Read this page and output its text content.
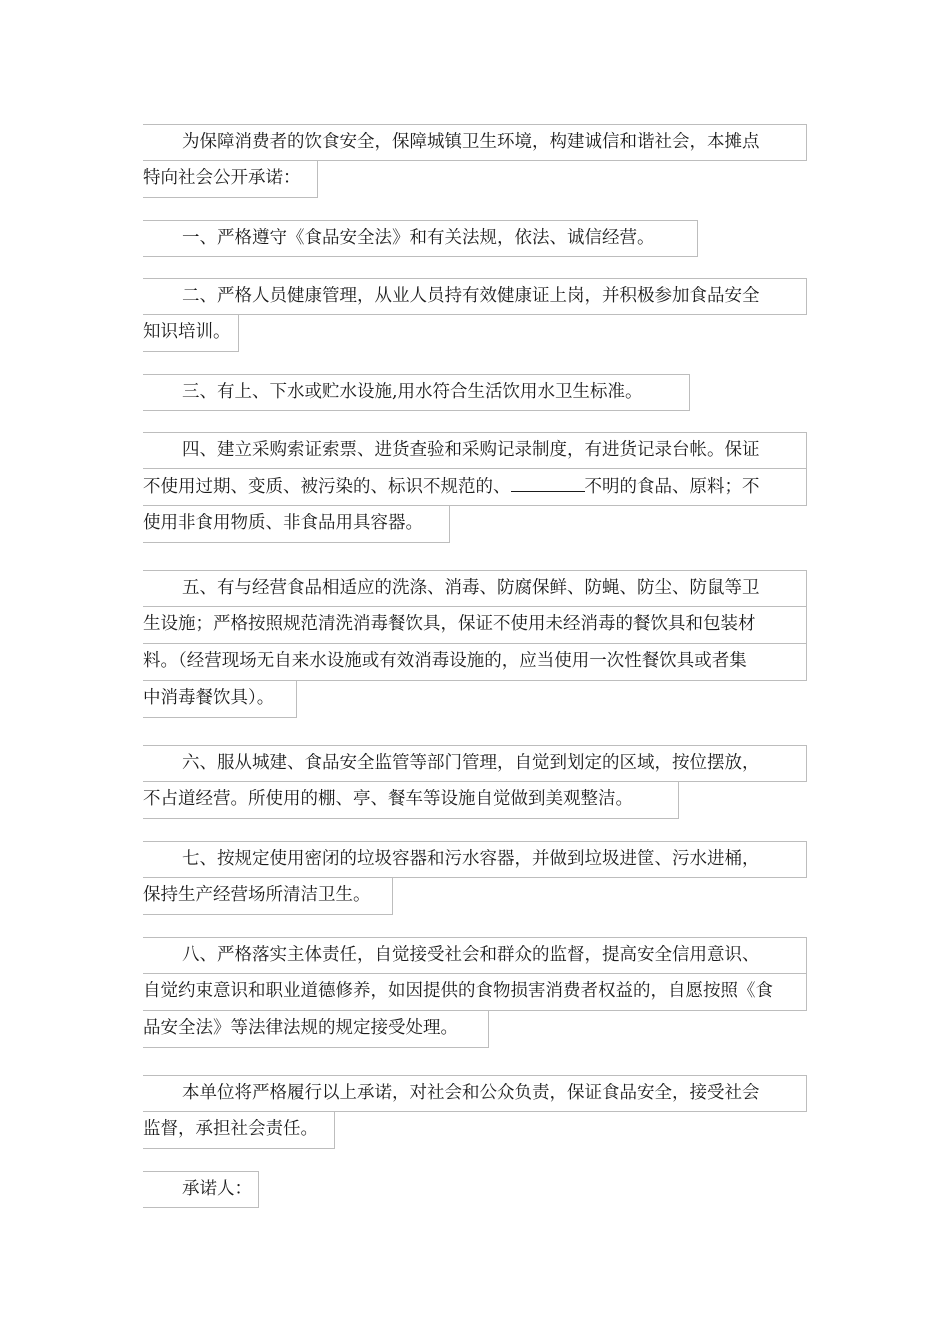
为保障消费者的饮食安全，保障城镇卫生环境，构建诚信和谐社会，本摊点
特向社会公开承诺：
一、严格遵守《食品安全法》和有关法规，依法、诚信经营。
二、严格人员健康管理，从业人员持有效健康证上岗，并积极参加食品安全
知识培训。
三、有上、下水或贮水设施,用水符合生活饮用水卫生标准。
四、建立采购索证索票、进货查验和采购记录制度，有进货记录台帐。保证
不使用过期、变质、被污染的、标识不规范的、	不明的食品、原料；不
使用非食用物质、非食品用具容器。
五、有与经营食品相适应的洗涤、消毒、防腐保鲜、防蝇、防尘、防鼠等卫
生设施；严格按照规范清洗消毒餐饮具，保证不使用未经消毒的餐饮具和包装材
料。（经营现场无自来水设施或有效消毒设施的，应当使用一次性餐饮具或者集
中消毒餐饮具）。
六、服从城建、食品安全监管等部门管理，自觉到划定的区域，按位摆放，
不占道经营。所使用的棚、亭、餐车等设施自觉做到美观整洁。
七、按规定使用密闭的垃圾容器和污水容器，并做到垃圾进筐、污水进桶，
保持生产经营场所清洁卫生。
八、严格落实主体责任，自觉接受社会和群众的监督，提高安全信用意识、
自觉约束意识和职业道德修养，如因提供的食物损害消费者权益的，自愿按照《食
品安全法》等法律法规的规定接受处理。
本单位将严格履行以上承诺，对社会和公众负责，保证食品安全，接受社会
监督，承担社会责任。
承诺人：
